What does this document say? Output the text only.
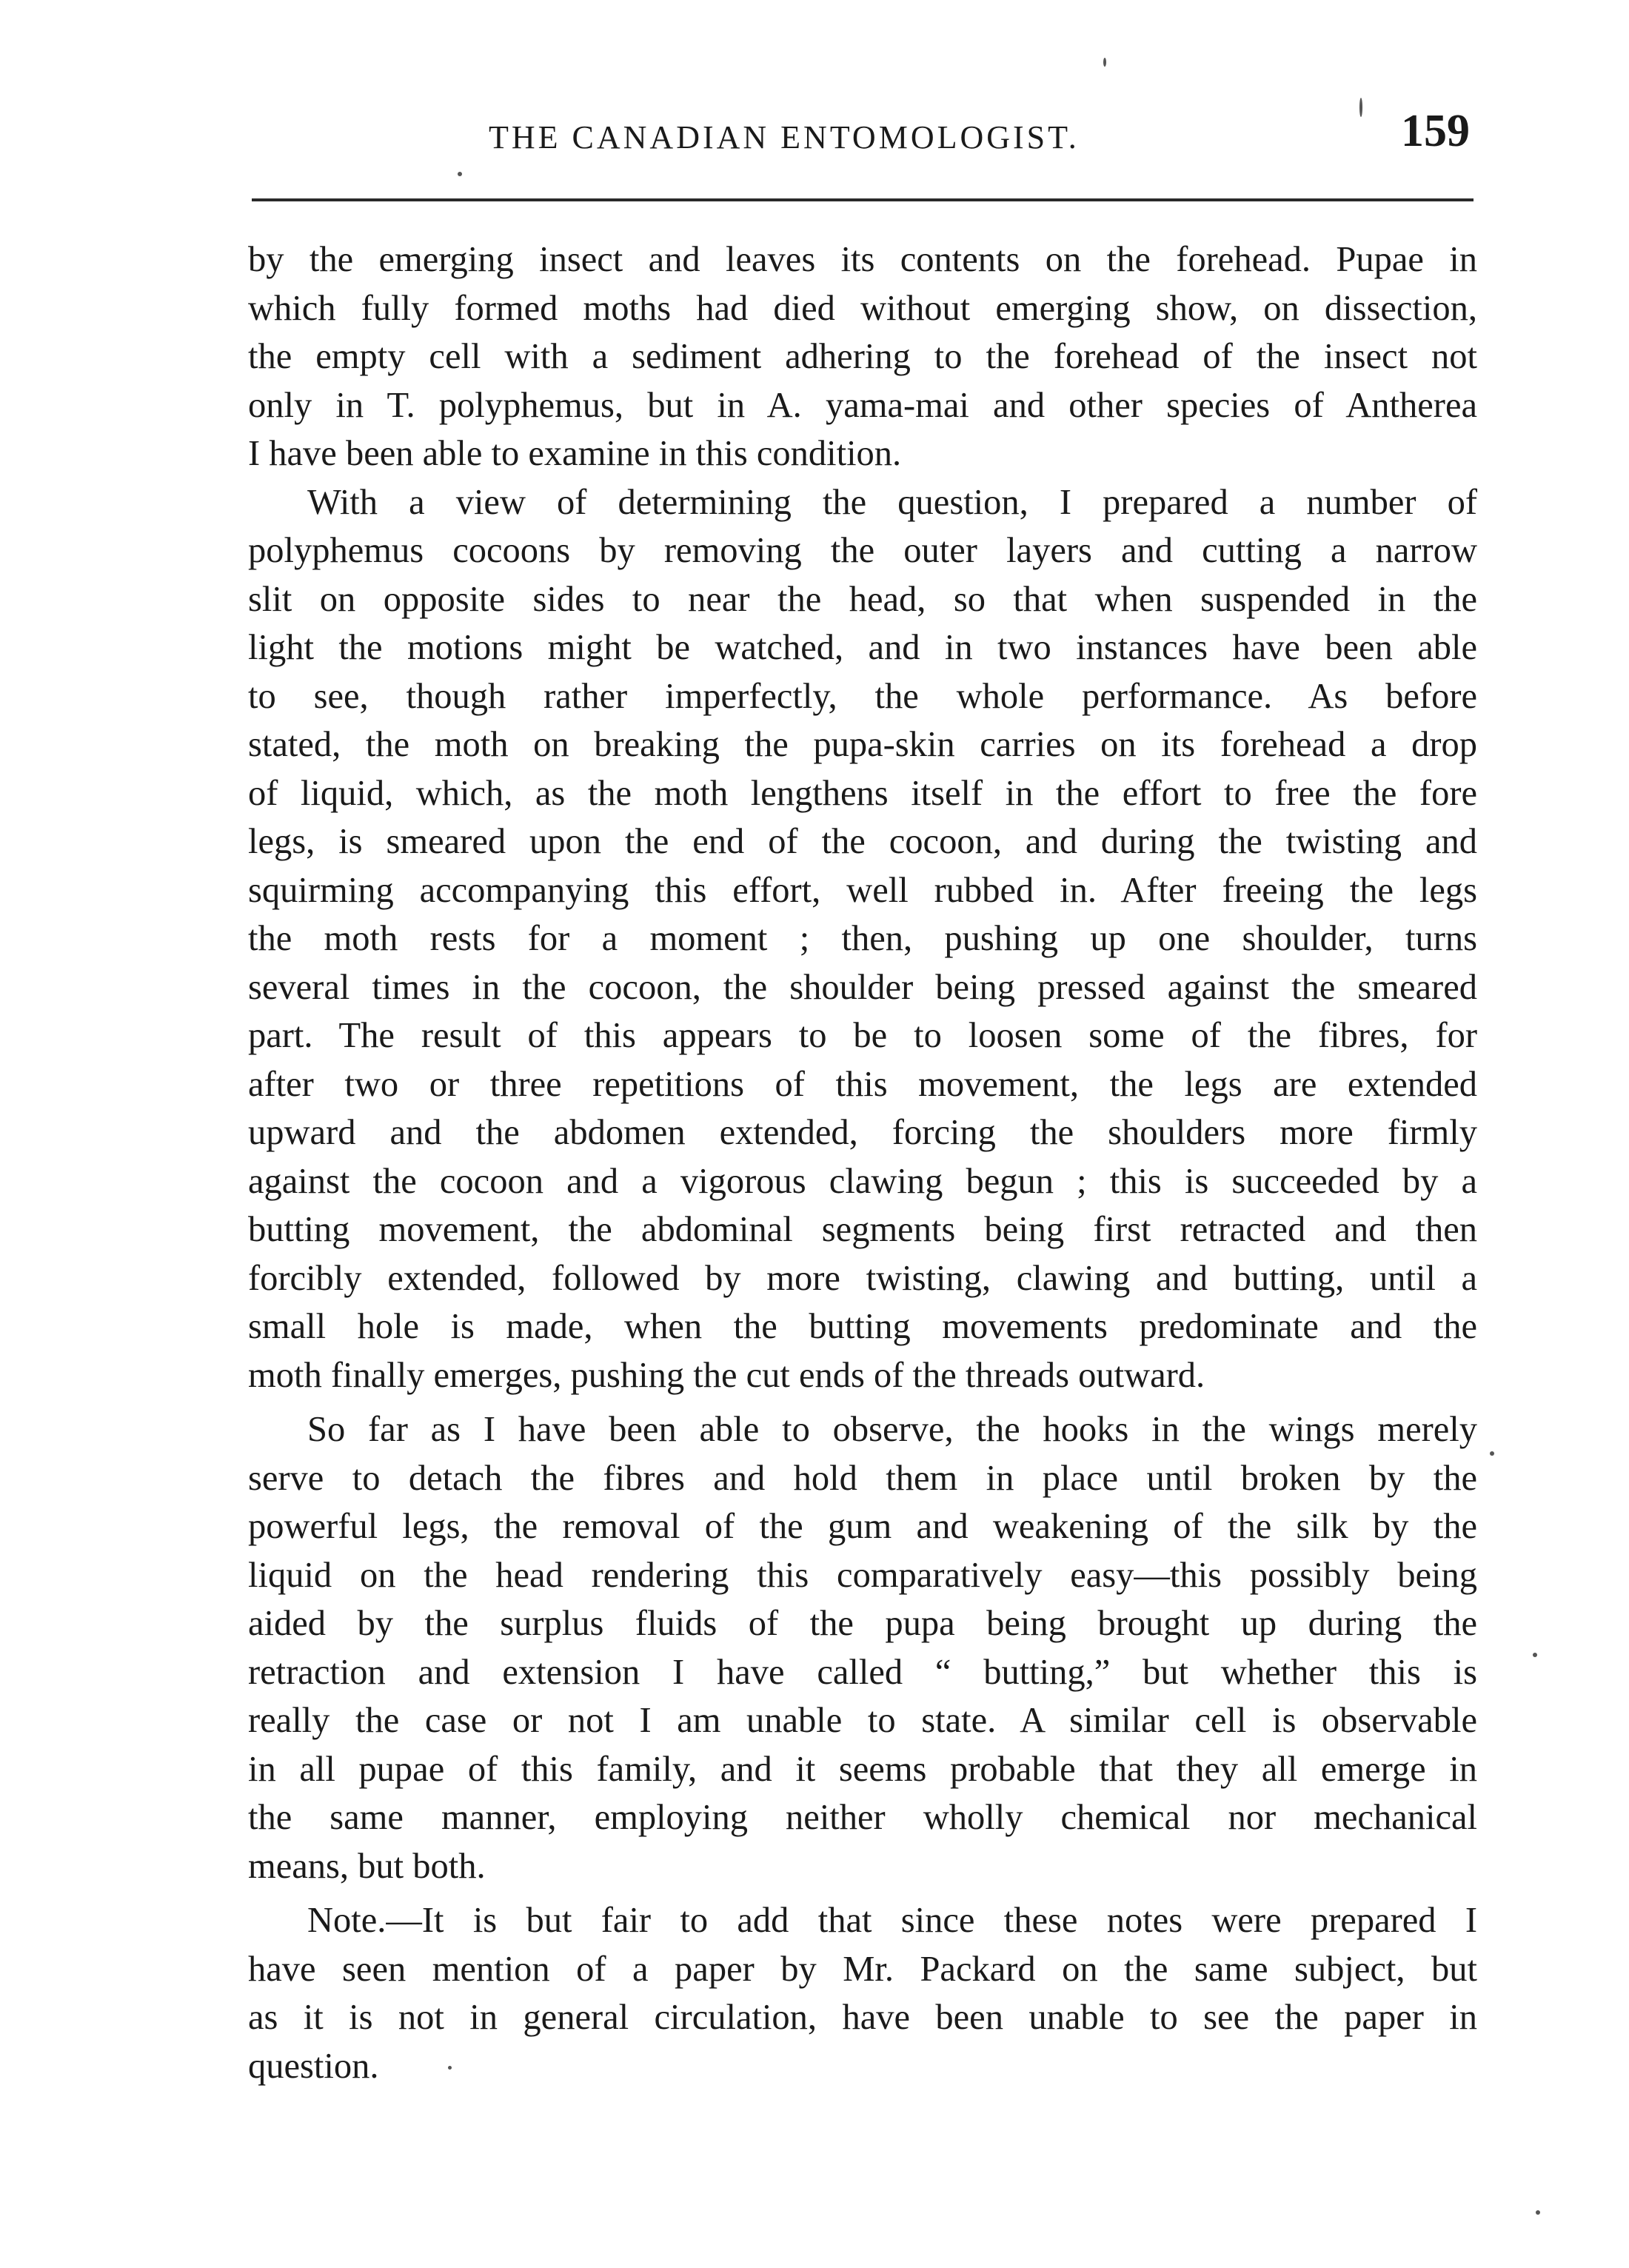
THE CANADIAN ENTOMOLOGIST.	159

by the emerging insect and leaves its contents on the forehead. Pupae in
which fully formed moths had died without emerging show, on dissection,
the empty cell with a sediment adhering to the forehead of the insect not
only in T. polyphemus, but in A. yama-mai and other species of Antherea
I have been able to examine in this condition.

With a view of determining the question, I prepared a number of
polyphemus cocoons by removing the outer layers and cutting a narrow
slit on opposite sides to near the head, so that when suspended in the
light the motions might be watched, and in two instances have been able
to see, though rather imperfectly, the whole performance. As before
stated, the moth on breaking the pupa-skin carries on its forehead a drop
of liquid, which, as the moth lengthens itself in the effort to free the fore
legs, is smeared upon the end of the cocoon, and during the twisting and
squirming accompanying this effort, well rubbed in. After freeing the legs
the moth rests for a moment ; then, pushing up one shoulder, turns
several times in the cocoon, the shoulder being pressed against the smeared
part. The result of this appears to be to loosen some of the fibres, for
after two or three repetitions of this movement, the legs are extended
upward and the abdomen extended, forcing the shoulders more firmly
against the cocoon and a vigorous clawing begun ; this is succeeded by a
butting movement, the abdominal segments being first retracted and then
forcibly extended, followed by more twisting, clawing and butting, until a
small hole is made, when the butting movements predominate and the
moth finally emerges, pushing the cut ends of the threads outward.

So far as I have been able to observe, the hooks in the wings merely
serve to detach the fibres and hold them in place until broken by the
powerful legs, the removal of the gum and weakening of the silk by the
liquid on the head rendering this comparatively easy—this possibly being
aided by the surplus fluids of the pupa being brought up during the
retraction and extension I have called “ butting,” but whether this is
really the case or not I am unable to state. A similar cell is observable
in all pupae of this family, and it seems probable that they all emerge in
the same manner, employing neither wholly chemical nor mechanical
means, but both.

Note.—It is but fair to add that since these notes were prepared I
have seen mention of a paper by Mr. Packard on the same subject, but
as it is not in general circulation, have been unable to see the paper in
question.
